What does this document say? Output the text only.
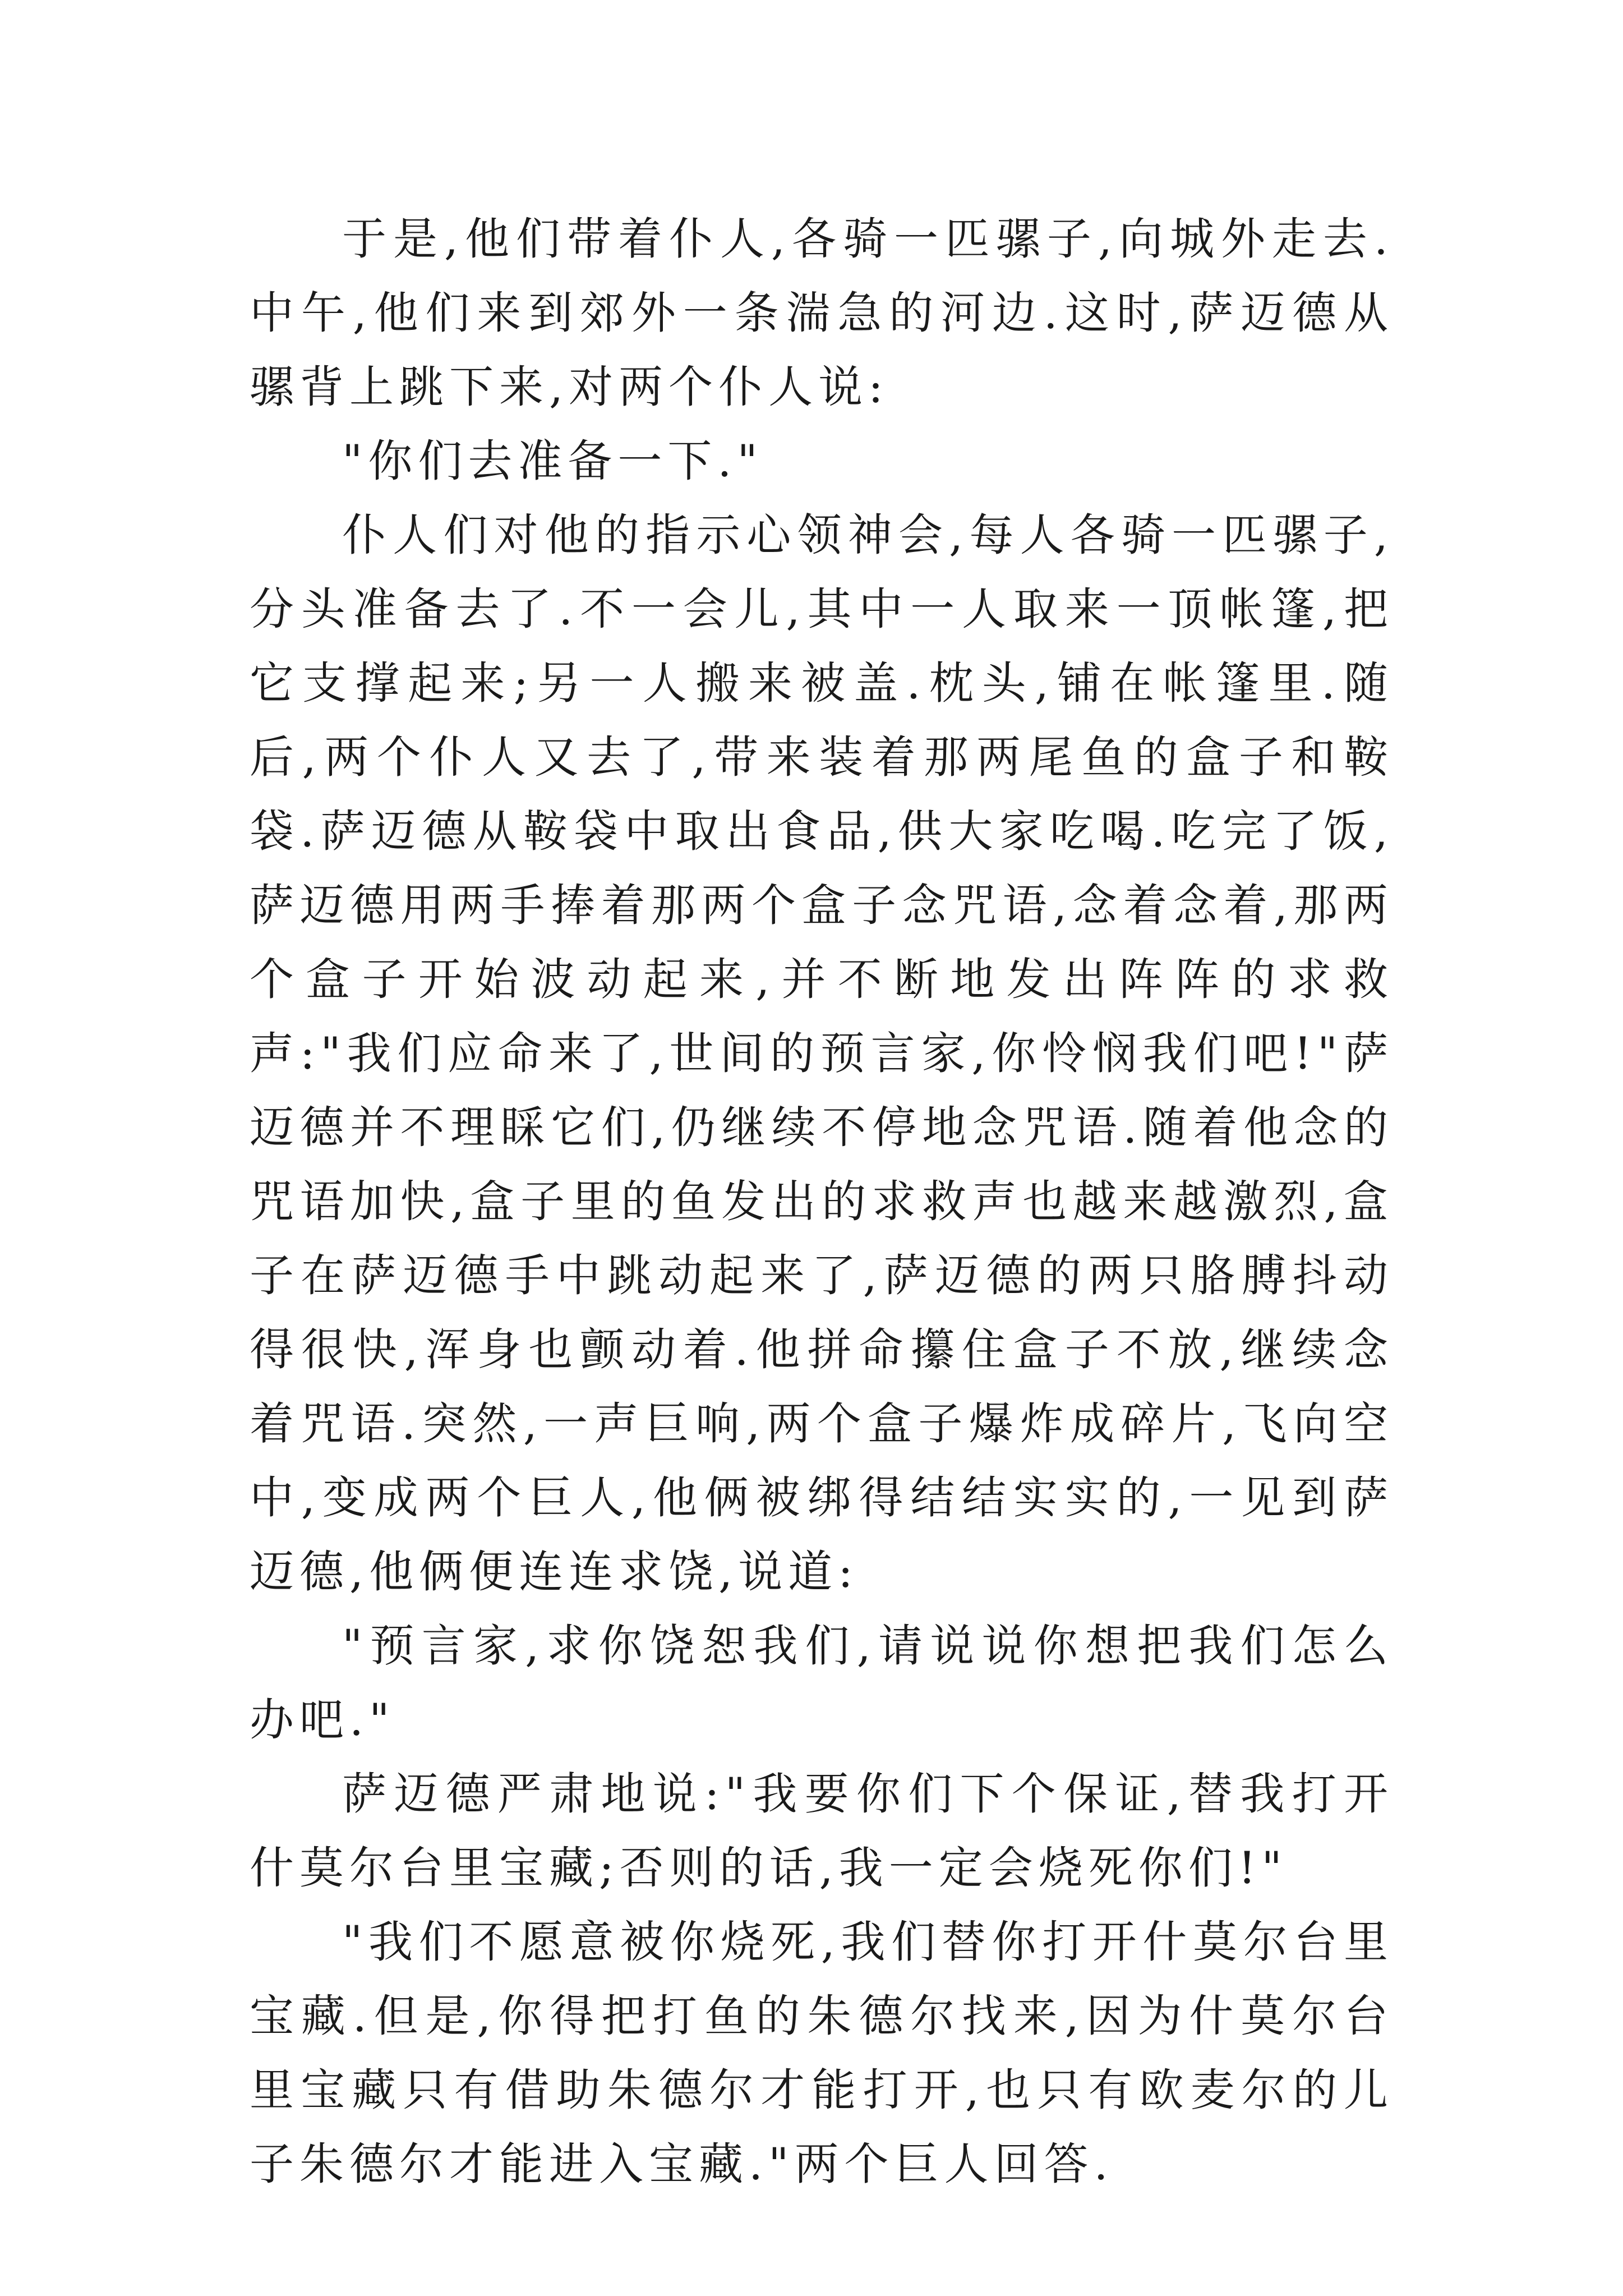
于是,他们带着仆人,各骑一匹骡子,向城外走去.中午,他们来到郊外一条湍急的河边.这时,萨迈德从骡背上跳下来,对两个仆人说:

"你们去准备一下."

仆人们对他的指示心领神会,每人各骑一匹骡子,分头准备去了.不一会儿,其中一人取来一顶帐篷,把它支撑起来;另一人搬来被盖.枕头,铺在帐篷里.随后,两个仆人又去了,带来装着那两尾鱼的盒子和鞍袋.萨迈德从鞍袋中取出食品,供大家吃喝.吃完了饭,萨迈德用两手捧着那两个盒子念咒语,念着念着,那两个盒子开始波动起来,并不断地发出阵阵的求救声:"我们应命来了,世间的预言家,你怜悯我们吧!"萨迈德并不理睬它们,仍继续不停地念咒语.随着他念的咒语加快,盒子里的鱼发出的求救声也越来越激烈,盒子在萨迈德手中跳动起来了,萨迈德的两只胳膊抖动得很快,浑身也颤动着.他拼命攥住盒子不放,继续念着咒语.突然,一声巨响,两个盒子爆炸成碎片,飞向空中,变成两个巨人,他俩被绑得结结实实的,一见到萨迈德,他俩便连连求饶,说道:

"预言家,求你饶恕我们,请说说你想把我们怎么办吧."

萨迈德严肃地说:"我要你们下个保证,替我打开什莫尔台里宝藏;否则的话,我一定会烧死你们!"

"我们不愿意被你烧死,我们替你打开什莫尔台里宝藏.但是,你得把打鱼的朱德尔找来,因为什莫尔台里宝藏只有借助朱德尔才能打开,也只有欧麦尔的儿子朱德尔才能进入宝藏."两个巨人回答.
